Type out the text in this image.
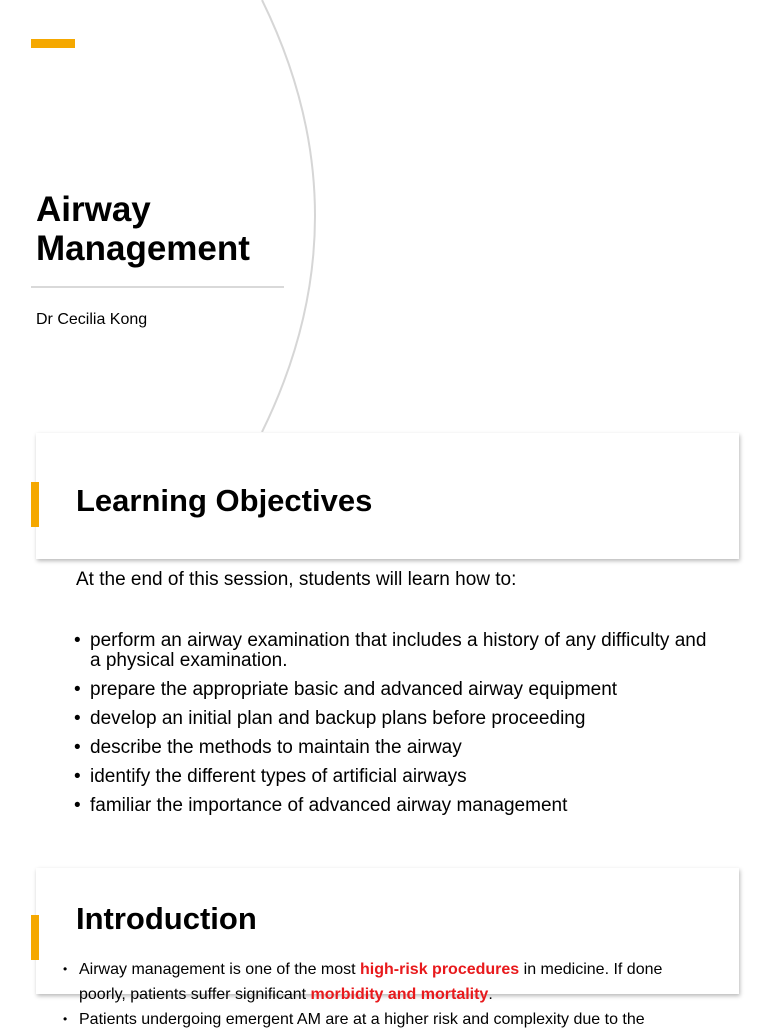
Airway
Management
Dr Cecilia Kong
Learning Objectives
At the end of this session, students will learn how to:
• perform an airway examination that includes a history of any difficulty and a physical examination.
• prepare the appropriate basic and advanced airway equipment
• develop an initial plan and backup plans before proceeding
• describe the methods to maintain the airway
• identify the different types of artificial airways
• familiar the importance of advanced airway management
Introduction
• Airway management is one of the most high-risk procedures in medicine. If done poorly, patients suffer significant morbidity and mortality.
• Patients undergoing emergent AM are at a higher risk and complexity due to the
